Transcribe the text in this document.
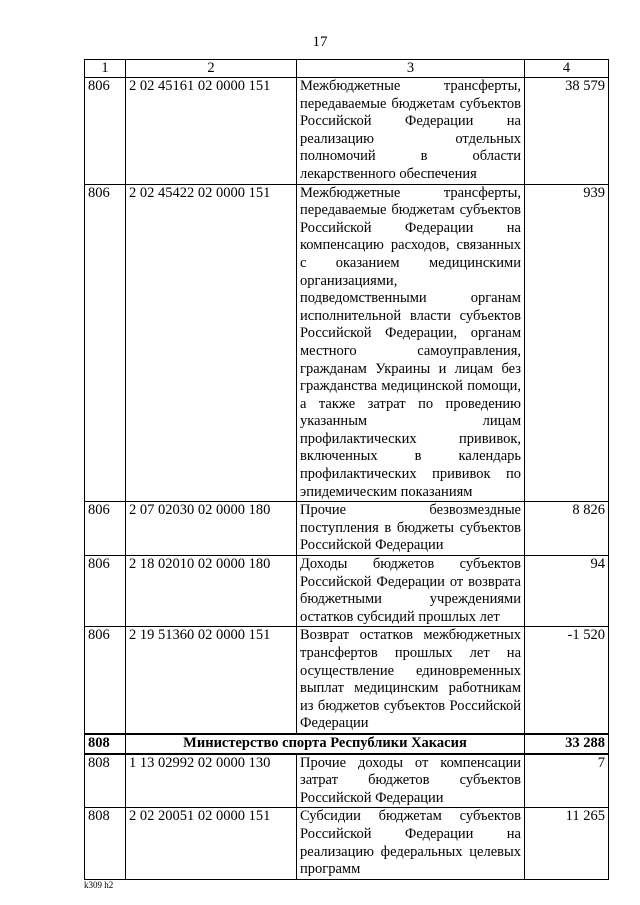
17
1	2	3	4
806	2 02 45161 02 0000 151	Межбюджетные трансферты, передаваемые бюджетам субъектов Российской Федерации на реализацию отдельных полномочий в области лекарственного обеспечения	38 579
806	2 02 45422 02 0000 151	Межбюджетные трансферты, передаваемые бюджетам субъектов Российской Федерации на компенсацию расходов, связанных с оказанием медицинскими организациями, подведомственными органам исполнительной власти субъектов Российской Федерации, органам местного самоуправления, гражданам Украины и лицам без гражданства медицинской помощи, а также затрат по проведению указанным лицам профилактических прививок, включенных в календарь профилактических прививок по эпидемическим показаниям	939
806	2 07 02030 02 0000 180	Прочие безвозмездные поступления в бюджеты субъектов Российской Федерации	8 826
806	2 18 02010 02 0000 180	Доходы бюджетов субъектов Российской Федерации от возврата бюджетными учреждениями остатков субсидий прошлых лет	94
806	2 19 51360 02 0000 151	Возврат остатков межбюджетных трансфертов прошлых лет на осуществление единовременных выплат медицинским работникам из бюджетов субъектов Российской Федерации	-1 520
808	Министерство спорта Республики Хакасия		33 288
808	1 13 02992 02 0000 130	Прочие доходы от компенсации затрат бюджетов субъектов Российской Федерации	7
808	2 02 20051 02 0000 151	Субсидии бюджетам субъектов Российской Федерации на реализацию федеральных целевых программ	11 265
k309 h2
